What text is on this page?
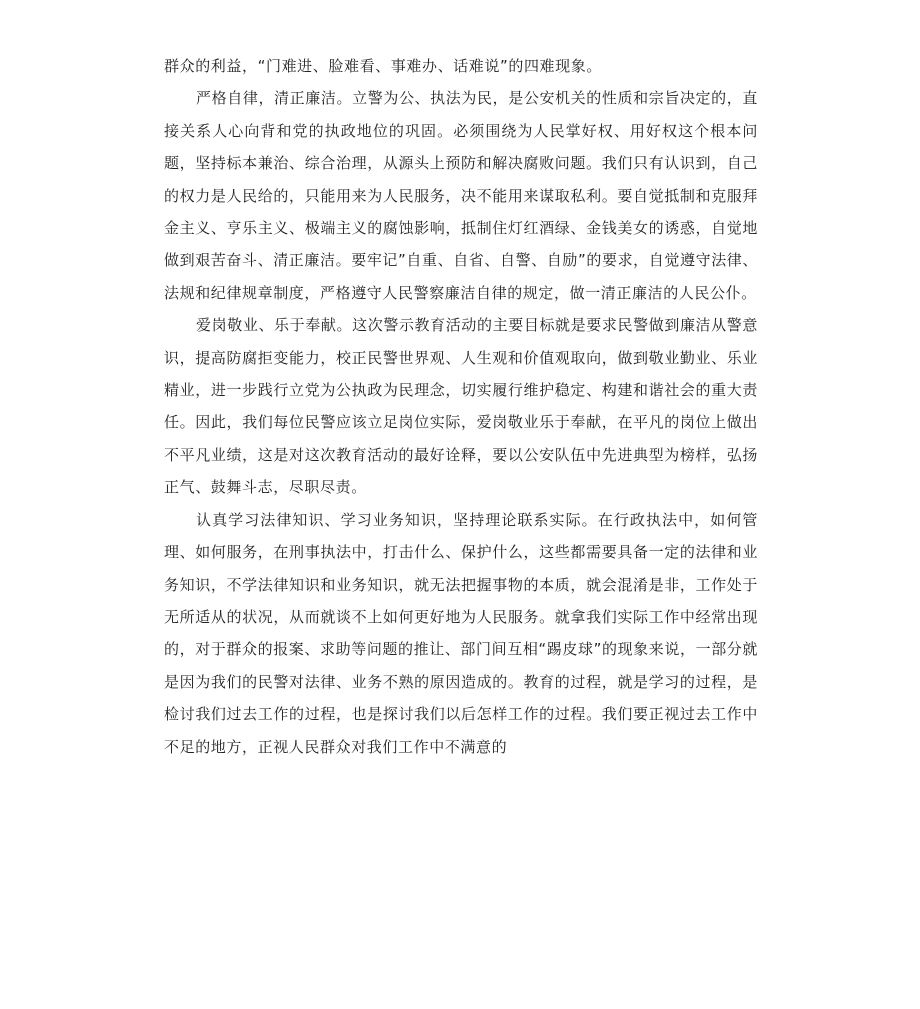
群众的利益，“门难进、脸难看、事难办、话难说”的四难现象。

严格自律，清正廉洁。立警为公、执法为民，是公安机关的性质和宗旨决定的，直接关系人心向背和党的执政地位的巩固。必须围绕为人民掌好权、用好权这个根本问题，坚持标本兼治、综合治理，从源头上预防和解决腐败问题。我们只有认识到，自己的权力是人民给的，只能用来为人民服务，决不能用来谋取私利。要自觉抵制和克服拜金主义、亨乐主义、极端主义的腐蚀影响，抵制住灯红酒绿、金钱美女的诱惑，自觉地做到艰苦奋斗、清正廉洁。要牢记”自重、自省、自警、自励”的要求，自觉遵守法律、法规和纪律规章制度，严格遵守人民警察廉洁自律的规定，做一清正廉洁的人民公仆。

爱岗敬业、乐于奉献。这次警示教育活动的主要目标就是要求民警做到廉洁从警意识，提高防腐拒变能力，校正民警世界观、人生观和价值观取向，做到敬业勤业、乐业精业，进一步践行立党为公执政为民理念，切实履行维护稳定、构建和谐社会的重大责任。因此，我们每位民警应该立足岗位实际，爱岗敬业乐于奉献，在平凡的岗位上做出不平凡业绩，这是对这次教育活动的最好诠释，要以公安队伍中先进典型为榜样，弘扬正气、鼓舞斗志，尽职尽责。

认真学习法律知识、学习业务知识，坚持理论联系实际。在行政执法中，如何管理、如何服务，在刑事执法中，打击什么、保护什么，这些都需要具备一定的法律和业务知识，不学法律知识和业务知识，就无法把握事物的本质，就会混淆是非，工作处于无所适从的状况，从而就谈不上如何更好地为人民服务。就拿我们实际工作中经常出现的，对于群众的报案、求助等问题的推让、部门间互相“踢皮球”的现象来说，一部分就是因为我们的民警对法律、业务不熟的原因造成的。教育的过程，就是学习的过程，是检讨我们过去工作的过程，也是探讨我们以后怎样工作的过程。我们要正视过去工作中不足的地方，正视人民群众对我们工作中不满意的
